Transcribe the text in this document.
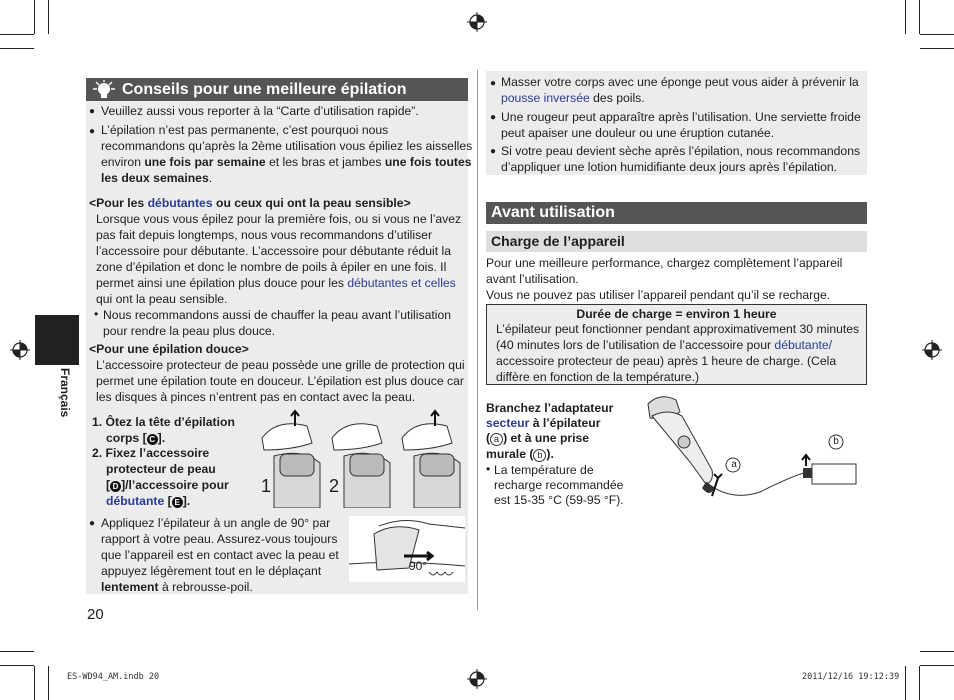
Français
Conseils pour une meilleure épilation
● Veuillez aussi vous reporter à la “Carte d’utilisation rapide”.
● L’épilation n’est pas permanente, c’est pourquoi nous
recommandons qu’après la 2ème utilisation vous épiliez les aisselles
environ une fois par semaine et les bras et jambes une fois toutes
les deux semaines.
<Pour les débutantes ou ceux qui ont la peau sensible>
Lorsque vous vous épilez pour la première fois, ou si vous ne l’avez
pas fait depuis longtemps, nous vous recommandons d’utiliser
l’accessoire pour débutante. L’accessoire pour débutante réduit la
zone d’épilation et donc le nombre de poils à épiler en une fois. Il
permet ainsi une épilation plus douce pour les débutantes et celles
qui ont la peau sensible.
• Nous recommandons aussi de chauffer la peau avant l’utilisation
pour rendre la peau plus douce.
<Pour une épilation douce>
L’accessoire protecteur de peau possède une grille de protection qui
permet une épilation toute en douceur. L’épilation est plus douce car
les disques à pinces n’entrent pas en contact avec la peau.
1. Ôtez la tête d’épilation
corps [ C ].
2. Fixez l’accessoire
protecteur de peau
[ D ]/l’accessoire pour
débutante [ E ].
1	2
● Appliquez l’épilateur à un angle de 90° par
rapport à votre peau. Assurez-vous toujours
que l’appareil est en contact avec la peau et
appuyez légèrement tout en le déplaçant
lentement à rebrousse-poil.
90°
20
● Masser votre corps avec une éponge peut vous aider à prévenir la
pousse inversée des poils.
● Une rougeur peut apparaître après l’utilisation. Une serviette froide
peut apaiser une douleur ou une éruption cutanée.
● Si votre peau devient sèche après l’épilation, nous recommandons
d’appliquer une lotion humidifiante deux jours après l’épilation.
Avant utilisation
Charge de l’appareil
Pour une meilleure performance, chargez complètement l’appareil
avant l’utilisation.
Vous ne pouvez pas utiliser l’appareil pendant qu’il se recharge.
Durée de charge = environ 1 heure
L’épilateur peut fonctionner pendant approximativement 30 minutes
(40 minutes lors de l’utilisation de l’accessoire pour débutante/
accessoire protecteur de peau) après 1 heure de charge. (Cela
diffère en fonction de la température.)
Branchez l’adaptateur
secteur à l’épilateur
( a ) et à une prise
murale ( b ).
• La température de
recharge recommandée
est 15-35 °C (59-95 °F).
a
b
ES-WD94_AM.indb 20	2011/12/16 19:12:39
